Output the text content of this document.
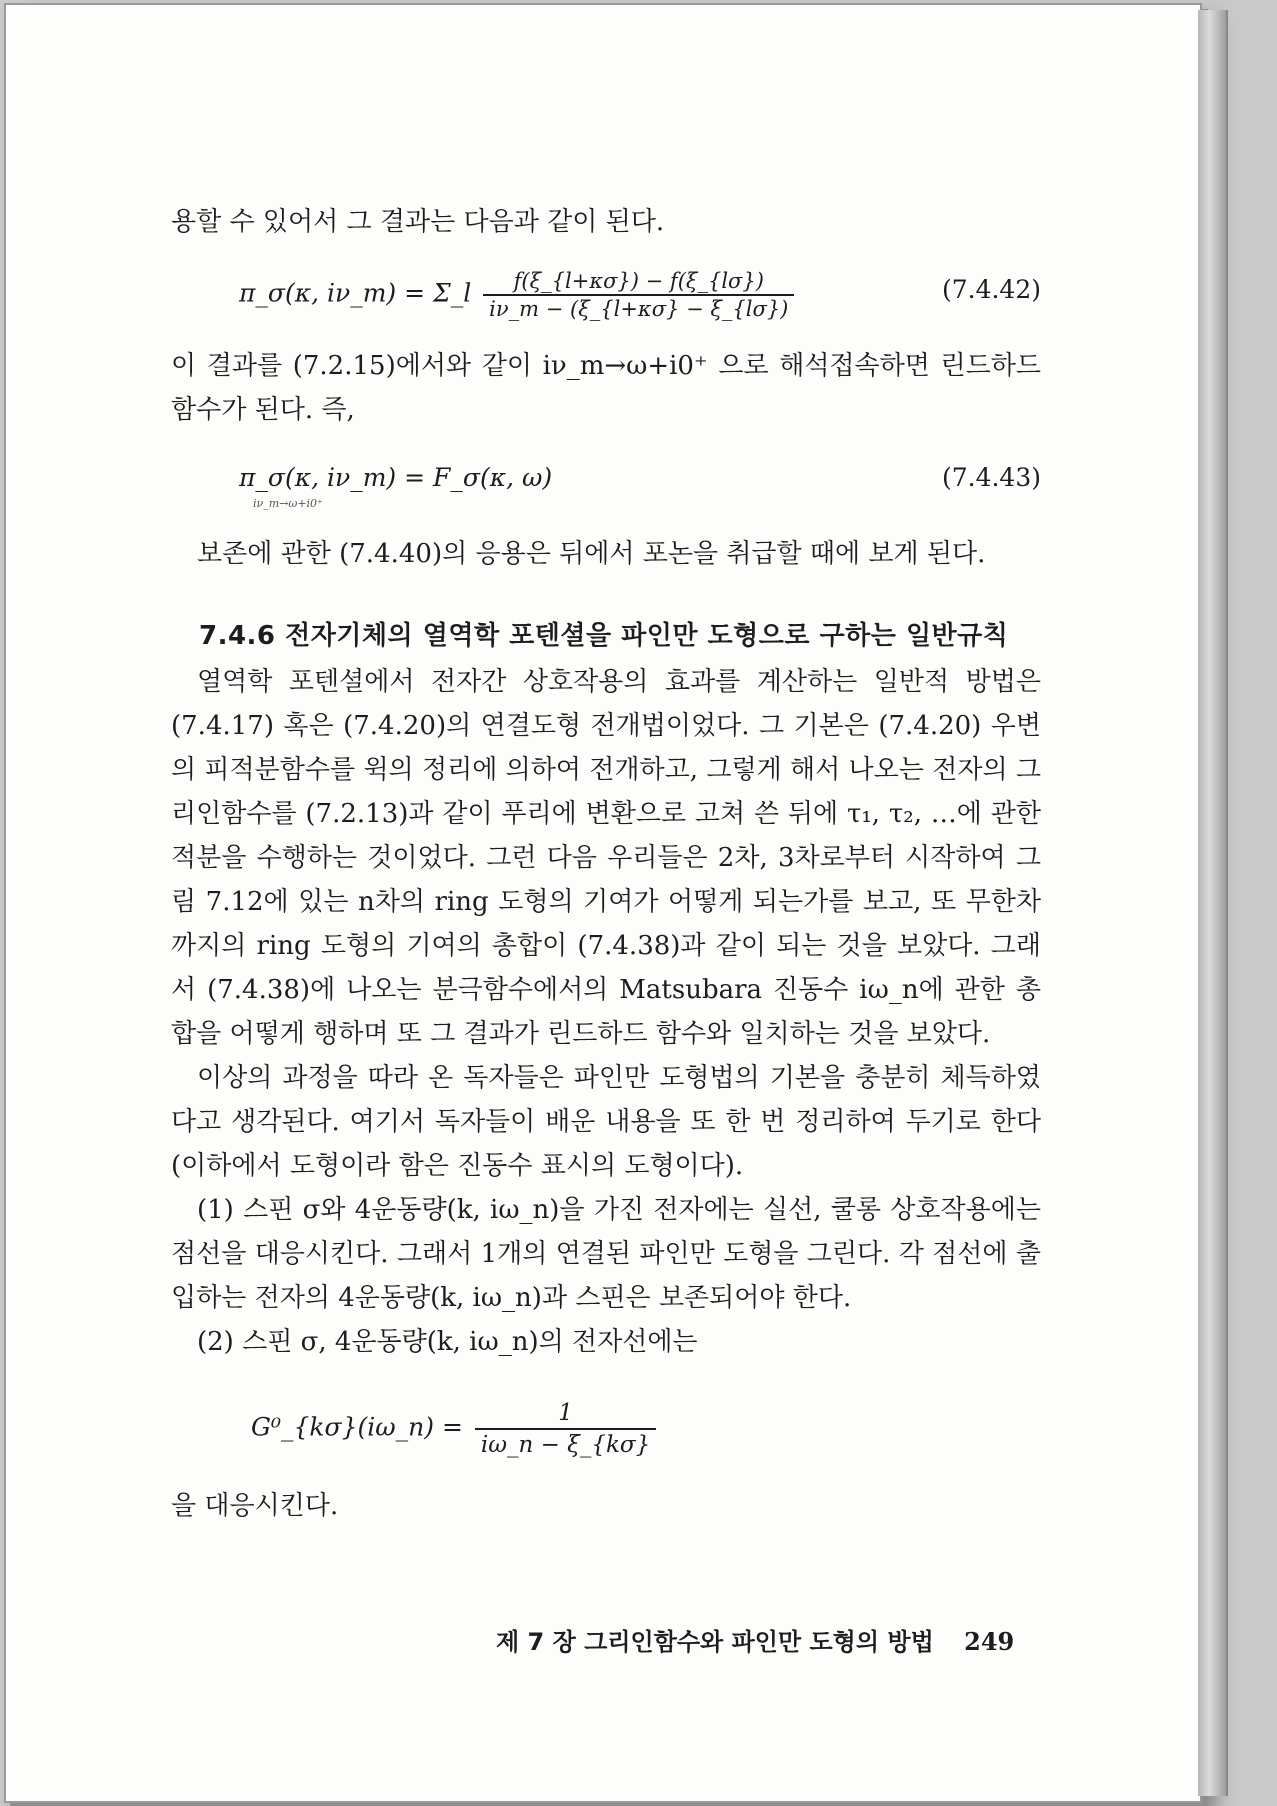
용할 수 있어서 그 결과는 다음과 같이 된다.

π_σ(κ, iν_m) = Σ_l $\frac{f(\xi\_\{l+\kappa\sigma\}) - f(\xi\_\{l\sigma\})}{i\nu\_m - (\xi\_\{l+\kappa\sigma\} - \xi\_\{l\sigma\})}$	(7.4.42)

이 결과를 (7.2.15)에서와 같이 iν_m→ω+i0⁺ 으로 해석접속하면 린드하드 함수가 된다. 즉,

π_σ(κ, iν_m) = F_σ(κ, ω)
iν_m→ω+i0⁺
(7.4.43)

보존에 관한 (7.4.40)의 응용은 뒤에서 포논을 취급할 때에 보게 된다.

7.4.6 전자기체의 열역학 포텐셜을 파인만 도형으로 구하는 일반규칙

열역학 포텐셜에서 전자간 상호작용의 효과를 계산하는 일반적 방법은 (7.4.17) 혹은 (7.4.20)의 연결도형 전개법이었다. 그 기본은 (7.4.20) 우변의 피적분함수를 윅의 정리에 의하여 전개하고, 그렇게 해서 나오는 전자의 그리인함수를 (7.2.13)과 같이 푸리에 변환으로 고쳐 쓴 뒤에 τ₁, τ₂, …에 관한 적분을 수행하는 것이었다. 그런 다음 우리들은 2차, 3차로부터 시작하여 그림 7.12에 있는 n차의 ring 도형의 기여가 어떻게 되는가를 보고, 또 무한차까지의 ring 도형의 기여의 총합이 (7.4.38)과 같이 되는 것을 보았다. 그래서 (7.4.38)에 나오는 분극함수에서의 Matsubara 진동수 iω_n에 관한 총합을 어떻게 행하며 또 그 결과가 린드하드 함수와 일치하는 것을 보았다.

이상의 과정을 따라 온 독자들은 파인만 도형법의 기본을 충분히 체득하였다고 생각된다. 여기서 독자들이 배운 내용을 또 한 번 정리하여 두기로 한다(이하에서 도형이라 함은 진동수 표시의 도형이다).

(1) 스핀 σ와 4운동량(k, iω_n)을 가진 전자에는 실선, 쿨롱 상호작용에는 점선을 대응시킨다. 그래서 1개의 연결된 파인만 도형을 그린다. 각 점선에 출입하는 전자의 4운동량(k, iω_n)과 스핀은 보존되어야 한다.

(2) 스핀 σ, 4운동량(k, iω_n)의 전자선에는

G⁰_{kσ}(iω_n) = $\frac{1}{i\omega\_n - \xi\_\{k\sigma\}}$

을 대응시킨다.

제 7 장 그리인함수와 파인만 도형의 방법 249
